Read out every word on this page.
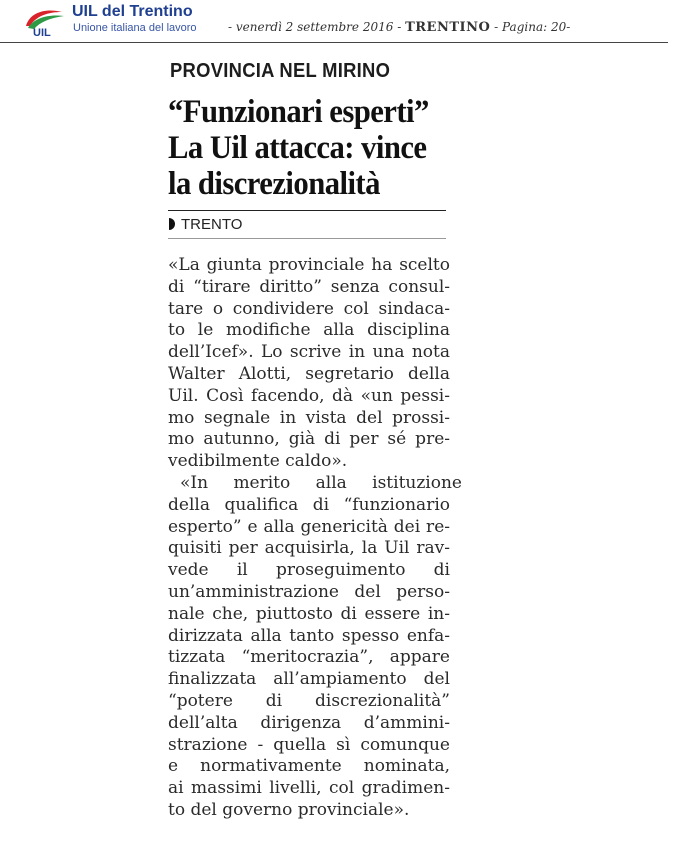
UIL
UIL del Trentino
Unione italiana del lavoro	- venerdì 2 settembre 2016 - TRENTINO - Pagina: 20-
PROVINCIA NEL MIRINO
“Funzionari esperti”
La Uil attacca: vince
la discrezionalità
TRENTO
«La giunta provinciale ha scelto
di “tirare diritto” senza consul-
tare o condividere col sindaca-
to le modifiche alla disciplina
dell’Icef». Lo scrive in una nota
Walter Alotti, segretario della
Uil. Così facendo, dà «un pessi-
mo segnale in vista del prossi-
mo autunno, già di per sé pre-
vedibilmente caldo».
«In merito alla istituzione
della qualifica di “funzionario
esperto” e alla genericità dei re-
quisiti per acquisirla, la Uil rav-
vede il proseguimento di
un’amministrazione del perso-
nale che, piuttosto di essere in-
dirizzata alla tanto spesso enfa-
tizzata “meritocrazia”, appare
finalizzata all’ampiamento del
“potere di discrezionalità”
dell’alta dirigenza d’ammini-
strazione - quella sì comunque
e normativamente nominata,
ai massimi livelli, col gradimen-
to del governo provinciale».
